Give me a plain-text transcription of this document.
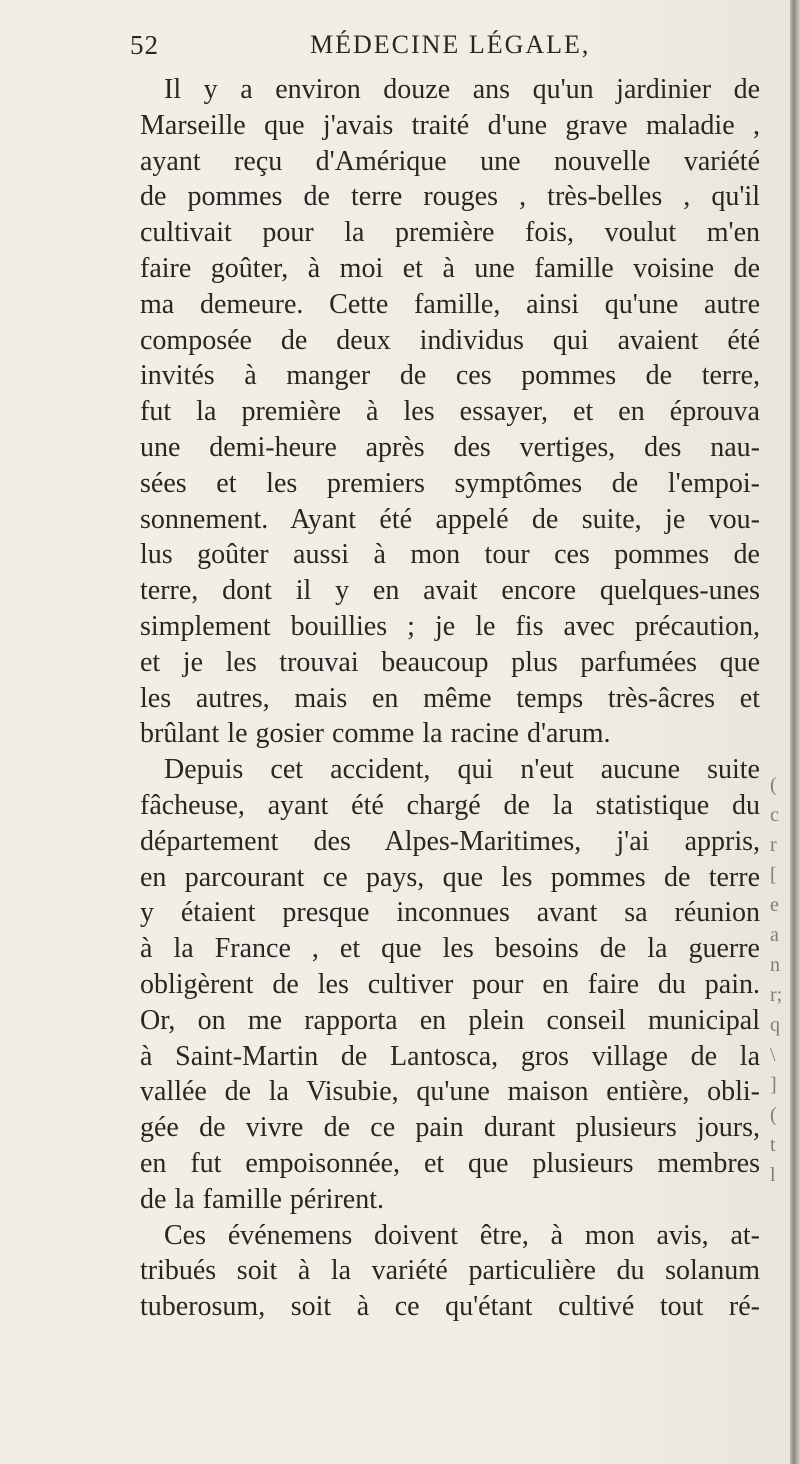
52	MÉDECINE LÉGALE,
Il y a environ douze ans qu'un jardinier de
Marseille que j'avais traité d'une grave maladie ,
ayant reçu d'Amérique une nouvelle variété
de pommes de terre rouges , très-belles , qu'il
cultivait pour la première fois, voulut m'en
faire goûter, à moi et à une famille voisine de
ma demeure. Cette famille, ainsi qu'une autre
composée de deux individus qui avaient été
invités à manger de ces pommes de terre,
fut la première à les essayer, et en éprouva
une demi-heure après des vertiges, des nau-
sées et les premiers symptômes de l'empoi-
sonnement. Ayant été appelé de suite, je vou-
lus goûter aussi à mon tour ces pommes de
terre, dont il y en avait encore quelques-unes
simplement bouillies ; je le fis avec précaution,
et je les trouvai beaucoup plus parfumées que
les autres, mais en même temps très-âcres et
brûlant le gosier comme la racine d'arum.
Depuis cet accident, qui n'eut aucune suite
fâcheuse, ayant été chargé de la statistique du
département des Alpes-Maritimes, j'ai appris,
en parcourant ce pays, que les pommes de terre
y étaient presque inconnues avant sa réunion
à la France , et que les besoins de la guerre
obligèrent de les cultiver pour en faire du pain.
Or, on me rapporta en plein conseil municipal
à Saint-Martin de Lantosca, gros village de la
vallée de la Visubie, qu'une maison entière, obli-
gée de vivre de ce pain durant plusieurs jours,
en fut empoisonnée, et que plusieurs membres
de la famille périrent.
Ces événemens doivent être, à mon avis, at-
tribués soit à la variété particulière du solanum
tuberosum, soit à ce qu'étant cultivé tout ré-
(
c
r
[
e
a
n
r;
q
\
]
(
t
l
